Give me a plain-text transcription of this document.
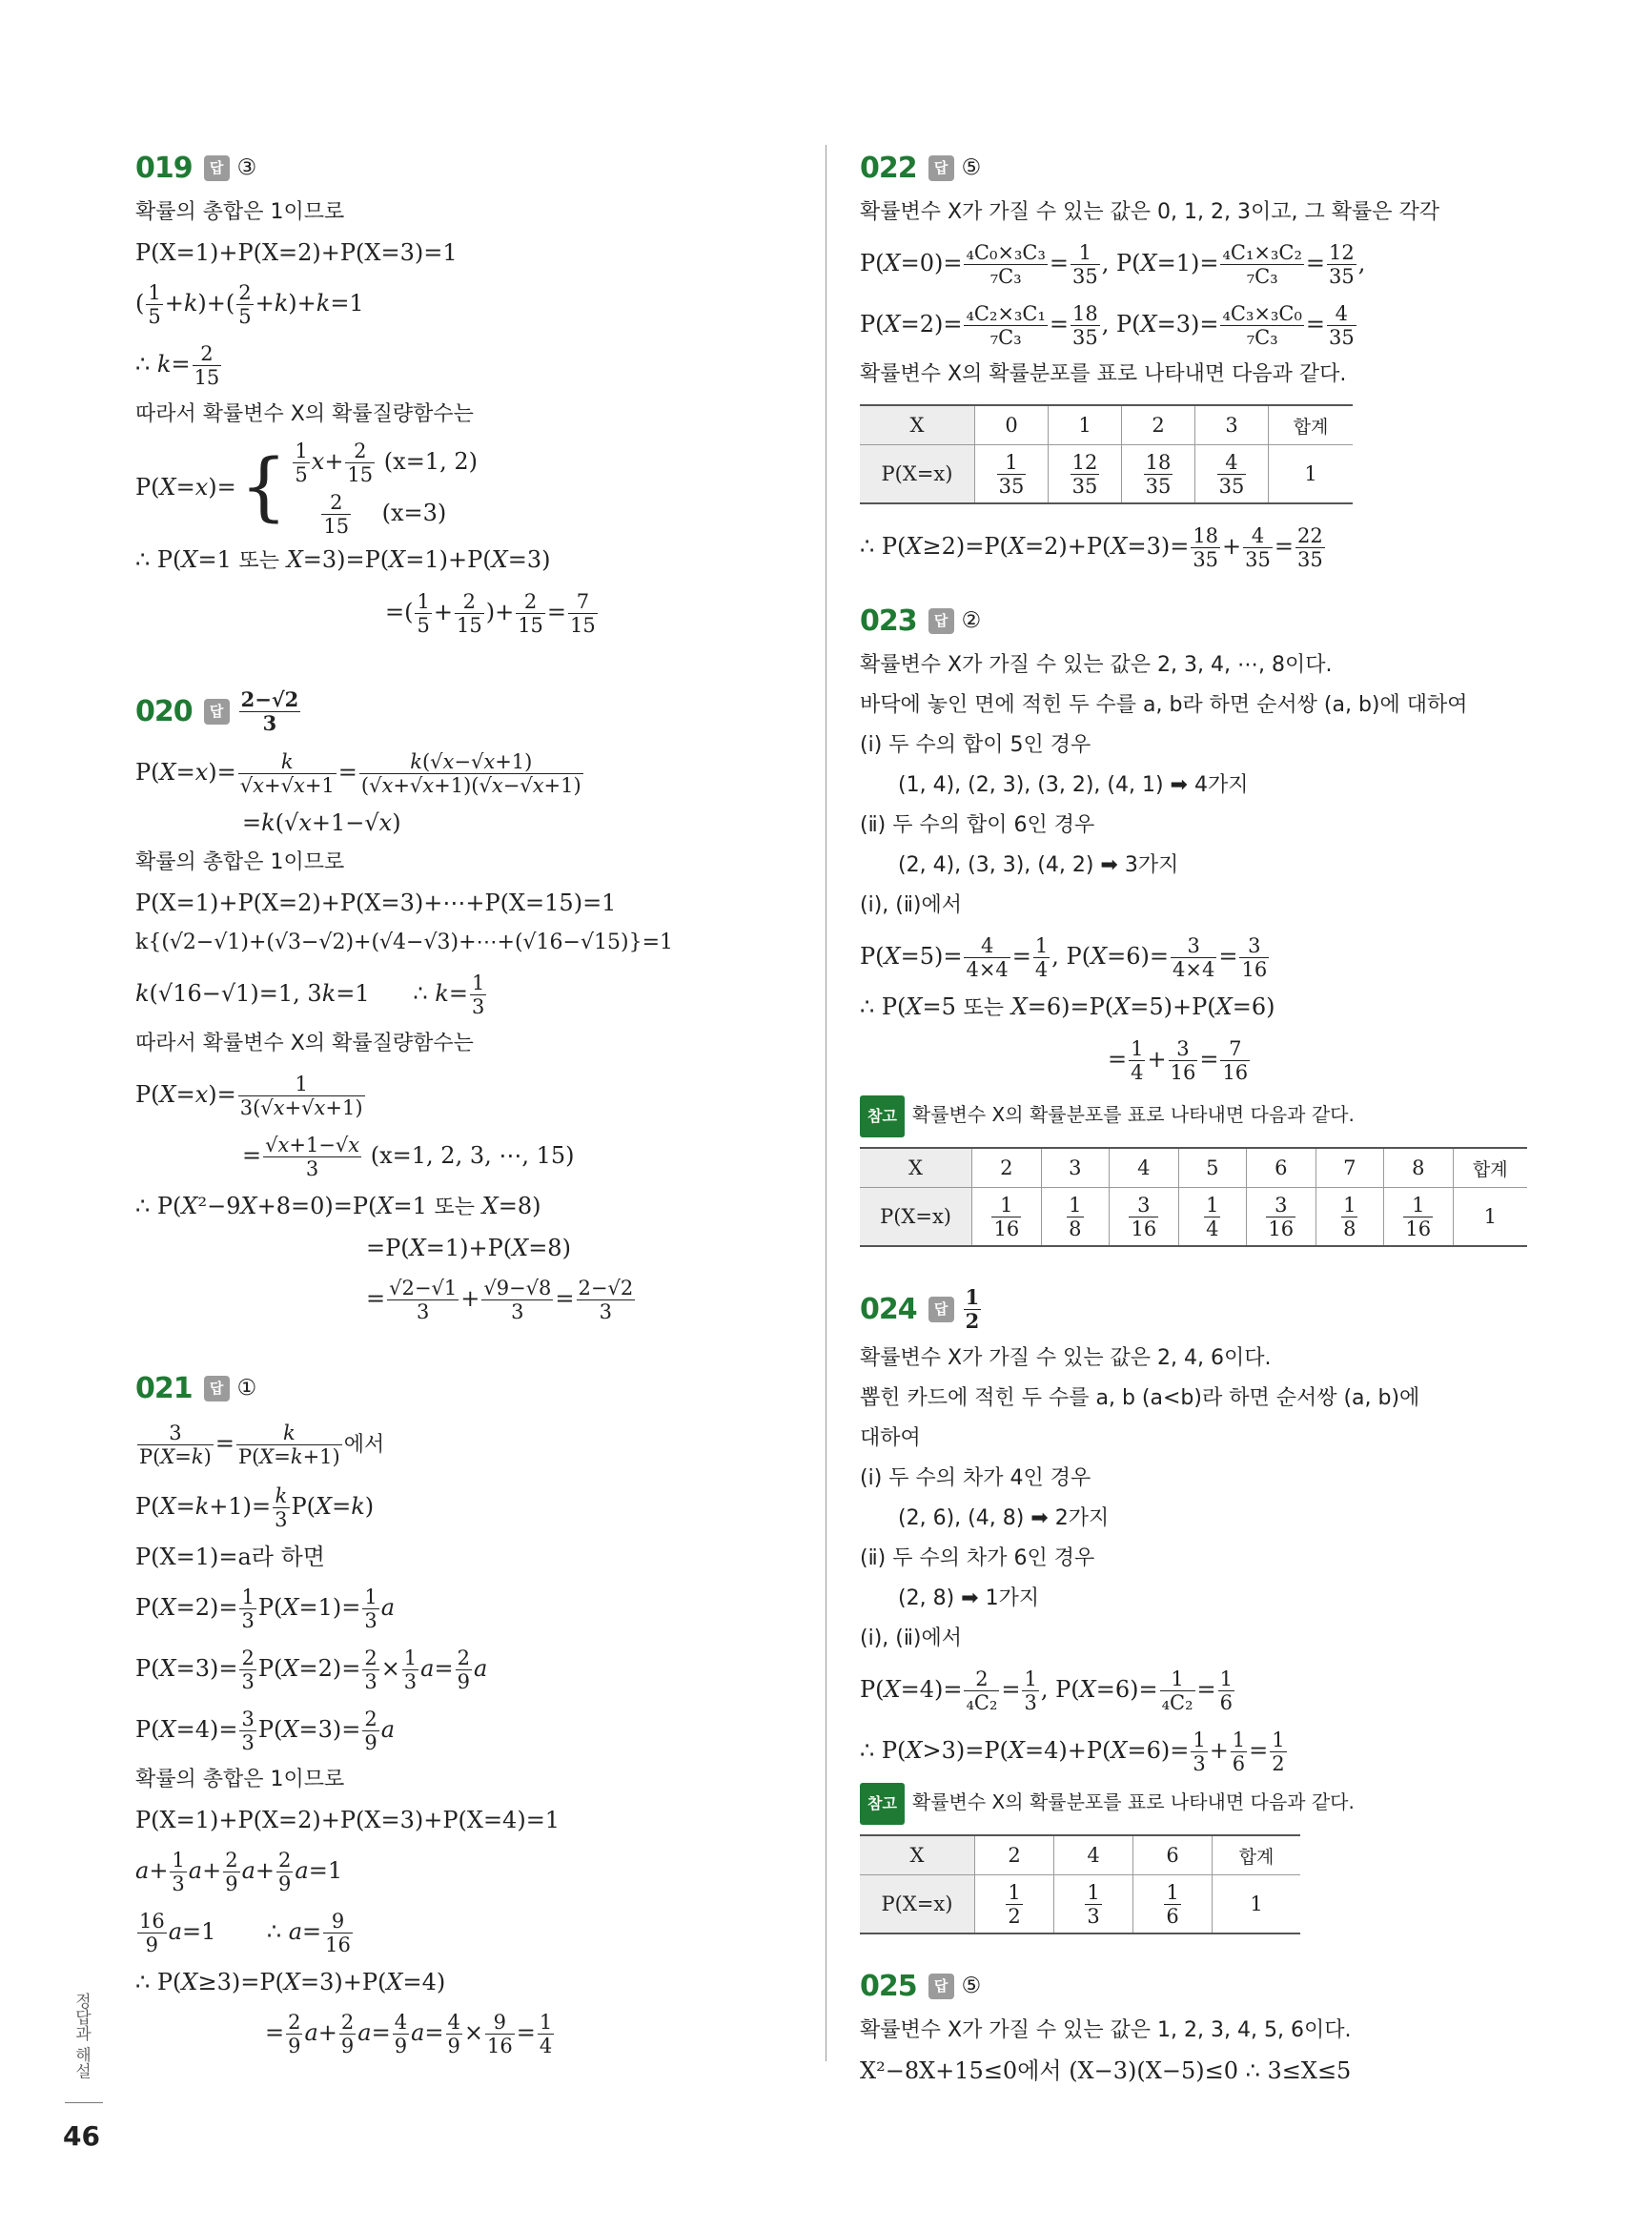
019	답 ③
확률의 총합은 1이므로
P(X=1)+P(X=2)+P(X=3)=1
( $\frac{1}{5} +k)+( \frac{2}{5} +k)+k=1$
∴ $k= \frac{2}{15}$
따라서 확률변수 X의 확률질량함수는
P(X=x)= { $\frac{1}{5} x+ \frac{2}{15} (x=1$, 2)
$\frac{2}{15} (x=3)$
∴ P(X=1 또는 X=3)=P(X=1)+P(X=3)
=( $\frac{1}{5} + \frac{2}{15}$ )+ $\frac{2}{15} = \frac{7}{15}$
020	답 $\frac{2-√2}{3}$
$P(X=x)= \frac{k}{√x+√x+1} = \frac{k(√x-√x+1)}{(√x+√x+1)(√x-√x+1)}$
=k(√x+1−√x)
확률의 총합은 1이므로
P(X=1)+P(X=2)+P(X=3)+⋯+P(X=15)=1
k{(√2−√1)+(√3−√2)+(√4−√3)+⋯+(√16−√15)}=1
k(√16−√1)=1, 3k=1      ∴ $k= \frac{1}{3}$
따라서 확률변수 X의 확률질량함수는
$P(X=x)= \frac{1}{3(√x+√x+1)}$
= $\frac{√x+1-√x}{3} (x=1$, 2, 3, ⋯, 15)
∴ P(X²−9X+8=0)=P(X=1 또는 X=8)
=P(X=1)+P(X=8)
= $\frac{√2-√1}{3} + \frac{√9-√8}{3} = \frac{2-√2}{3}$
021	답 ①
$\frac{3}{P(X=k)} = \frac{k}{P(X=k+1)}$ 에서
$P(X=k+1)= \frac{k}{3} P(X=k)$
P(X=1)=a라 하면
$P(X=2)= \frac{1}{3} P(X=1)= \frac{1}{3}$ a
$P(X=3)= \frac{2}{3} P(X=2)= \frac{2}{3} \times \frac{1}{3} a= \frac{2}{9}$ a
$P(X=4)= \frac{3}{3} P(X=3)= \frac{2}{9}$ a
확률의 총합은 1이므로
P(X=1)+P(X=2)+P(X=3)+P(X=4)=1
$a+ \frac{1}{3} a+ \frac{2}{9} a+ \frac{2}{9} a=1$
$\frac{16}{9} a=1$       ∴ $a= \frac{9}{16}$
∴ P(X≥3)=P(X=3)+P(X=4)
= $\frac{2}{9} a+ \frac{2}{9} a= \frac{4}{9} a= \frac{4}{9} \times \frac{9}{16} = \frac{1}{4}$
022	답 ⑤
확률변수 X가 가질 수 있는 값은 0, 1, 2, 3이고, 그 확률은 각각
$P(X=0)= \frac{\text{₄C₀×₃C₃}}{\text{₇C₃}} = \frac{1}{35}$ , $P(X=1)= \frac{\text{₄C₁×₃C₂}}{\text{₇C₃}} = \frac{12}{35}$ ,
$P(X=2)= \frac{\text{₄C₂×₃C₁}}{\text{₇C₃}} = \frac{18}{35}$ , $P(X=3)= \frac{\text{₄C₃×₃C₀}}{\text{₇C₃}} = \frac{4}{35}$
확률변수 X의 확률분포를 표로 나타내면 다음과 같다.
X	0	1	2	3	합계
P(X=x)	$\frac{1}{35}$	$\frac{12}{35}$	$\frac{18}{35}$	$\frac{4}{35}$	1
∴ $P(X\ge 2)=P(X=2)+P(X=3)= \frac{18}{35} + \frac{4}{35} = \frac{22}{35}$
023	답 ②
확률변수 X가 가질 수 있는 값은 2, 3, 4, ⋯, 8이다.
바닥에 놓인 면에 적힌 두 수를 a, b라 하면 순서쌍 (a, b)에 대하여
(ⅰ) 두 수의 합이 5인 경우
(1, 4), (2, 3), (3, 2), (4, 1) ➡ 4가지
(ⅱ) 두 수의 합이 6인 경우
(2, 4), (3, 3), (4, 2) ➡ 3가지
(ⅰ), (ⅱ)에서
$P(X=5)= \frac{4}{4\times 4} = \frac{1}{4}$ , $P(X=6)= \frac{3}{4\times 4} = \frac{3}{16}$
∴ P(X=5 또는 X=6)=P(X=5)+P(X=6)
= $\frac{1}{4} + \frac{3}{16} = \frac{7}{16}$
참고 확률변수 X의 확률분포를 표로 나타내면 다음과 같다.
X	2	3	4	5	6	7	8	합계
P(X=x)	$\frac{1}{16}$	$\frac{1}{8}$	$\frac{3}{16}$	$\frac{1}{4}$	$\frac{3}{16}$	$\frac{1}{8}$	$\frac{1}{16}$	1
024	답 $\frac{1}{2}$
확률변수 X가 가질 수 있는 값은 2, 4, 6이다.
뽑힌 카드에 적힌 두 수를 a, b (a<b)라 하면 순서쌍 (a, b)에
대하여
(ⅰ) 두 수의 차가 4인 경우
(2, 6), (4, 8) ➡ 2가지
(ⅱ) 두 수의 차가 6인 경우
(2, 8) ➡ 1가지
(ⅰ), (ⅱ)에서
$P(X=4)= \frac{2}{\text{₄C₂}} = \frac{1}{3}$ , $P(X=6)= \frac{1}{\text{₄C₂}} = \frac{1}{6}$
∴ $P(X>3)=P(X=4)+P(X=6)= \frac{1}{3} + \frac{1}{6} = \frac{1}{2}$
참고 확률변수 X의 확률분포를 표로 나타내면 다음과 같다.
X	2	4	6	합계
P(X=x)	$\frac{1}{2}$	$\frac{1}{3}$	$\frac{1}{6}$	1
025	답 ⑤
확률변수 X가 가질 수 있는 값은 1, 2, 3, 4, 5, 6이다.
X²−8X+15≤0에서 (X−3)(X−5)≤0 ∴ 3≤X≤5
정답과 해설
46
